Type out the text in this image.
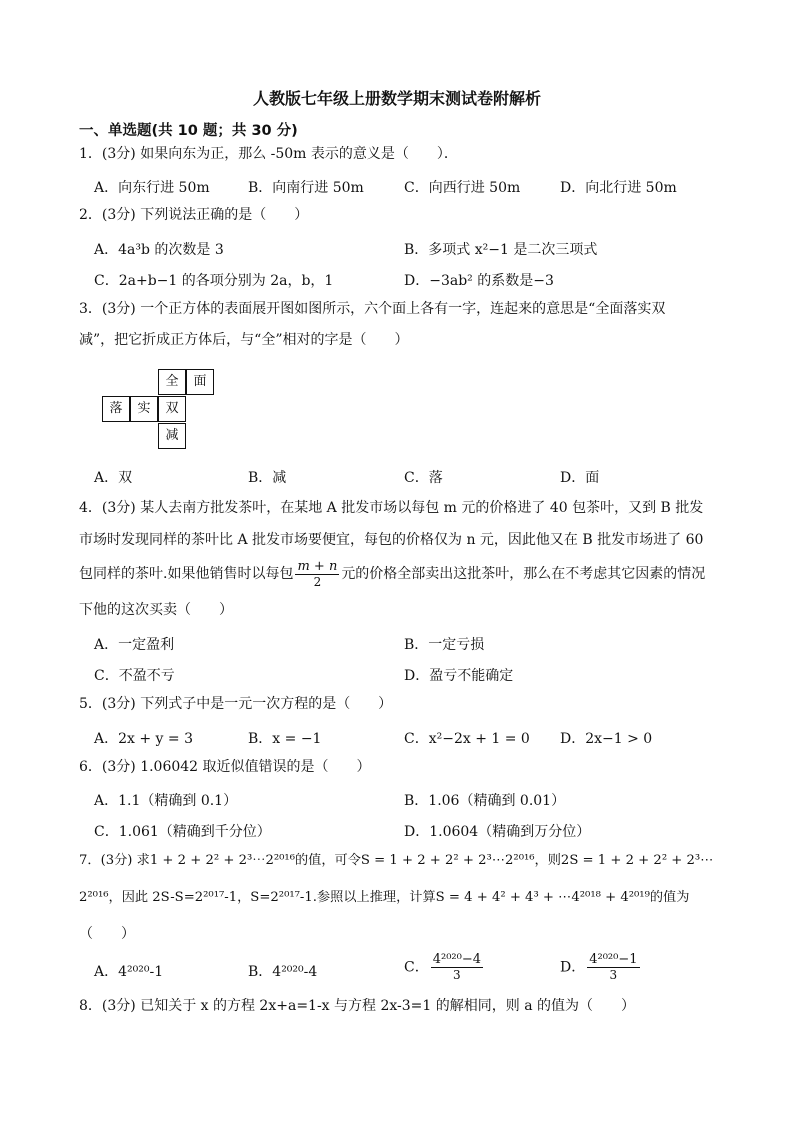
人教版七年级上册数学期末测试卷附解析
一、单选题(共 10 题；共 30 分)
1．(3分) 如果向东为正，那么 -50m 表示的意义是（　　）．
A．向东行进 50m	B．向南行进 50m	C．向西行进 50m	D．向北行进 50m
2．(3分) 下列说法正确的是（　　）
A．4a³b 的次数是 3	B．多项式 x²−1 是二次三项式
C．2a+b−1 的各项分别为 2a，b，1	D．−3ab² 的系数是−3
3．(3分) 一个正方体的表面展开图如图所示，六个面上各有一字，连起来的意思是“全面落实双
减”，把它折成正方体后，与“全”相对的字是（　　）
全	面
落	实	双
减
A．双	B．减	C．落	D．面
4．(3分) 某人去南方批发茶叶，在某地 A 批发市场以每包 m 元的价格进了 40 包茶叶，又到 B 批发
市场时发现同样的茶叶比 A 批发市场要便宜，每包的价格仅为 n 元，因此他又在 B 批发市场进了 60
包同样的茶叶.如果他销售时以每包 $\frac{m + n}{2}$ 元的价格全部卖出这批茶叶，那么在不考虑其它因素的情况
下他的这次买卖（　　）
A．一定盈利	B．一定亏损
C．不盈不亏	D．盈亏不能确定
5．(3分) 下列式子中是一元一次方程的是（　　）
A．2x + y = 3	B．x = −1	C．x²−2x + 1 = 0 D．2x−1 > 0
6．(3分) 1.06042 取近似值错误的是（　　）
A．1.1（精确到 0.1）	B．1.06（精确到 0.01）
C．1.061（精确到千分位）	D．1.0604（精确到万分位）
7．(3分) 求1 + 2 + 2² + 2³⋯2²⁰¹⁶的值，可令S = 1 + 2 + 2² + 2³⋯2²⁰¹⁶，则2S = 1 + 2 + 2² + 2³⋯
2²⁰¹⁶，因此 2S-S=2²⁰¹⁷-1，S=2²⁰¹⁷-1.参照以上推理，计算S = 4 + 4² + 4³ + ⋯4²⁰¹⁸ + 4²⁰¹⁹的值为
（　　）
A．4²⁰²⁰-1	B．4²⁰²⁰-4	C． $\frac{\text{4²⁰²⁰−4}}{3}$	D． $\frac{\text{4²⁰²⁰−1}}{3}$
8．(3分) 已知关于 x 的方程 2x+a=1-x 与方程 2x-3=1 的解相同，则 a 的值为（　　）
